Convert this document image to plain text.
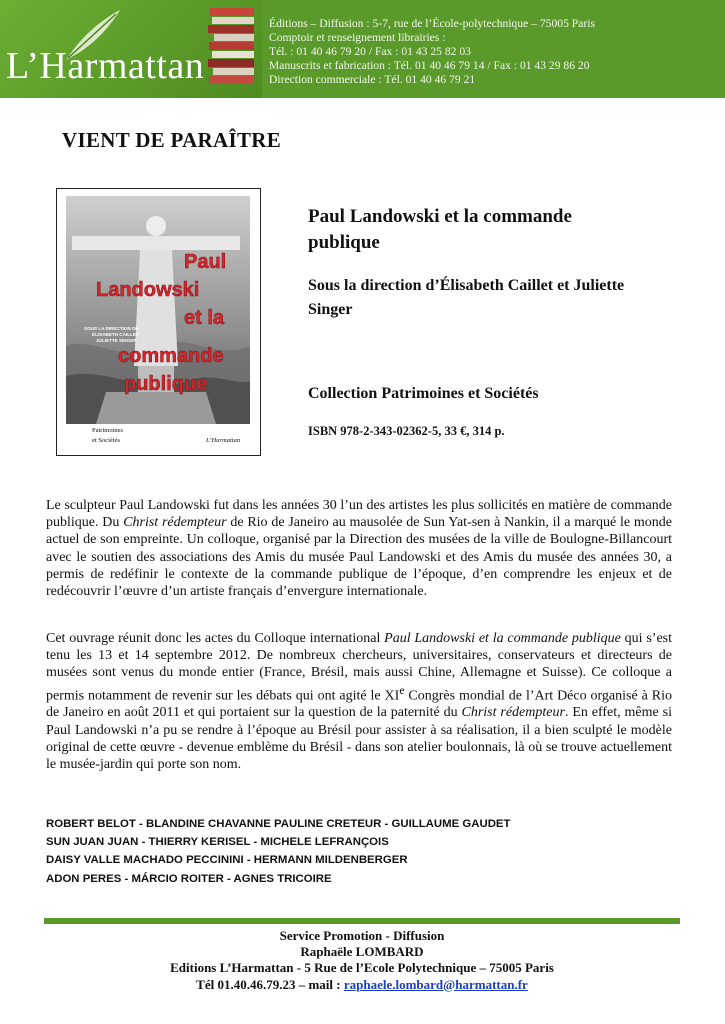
L’Harmattan
Éditions – Diffusion : 5-7, rue de l’École-polytechnique – 75005 Paris
Comptoir et renseignement librairies :
Tél. : 01 40 46 79 20 / Fax : 01 43 25 82 03
Manuscrits et fabrication : Tél. 01 40 46 79 14 / Fax : 01 43 29 86 20
Direction commerciale : Tél. 01 40 46 79 21
VIENT DE PARAÎTRE
Paul
Landowski
et la
commande
publique
SOUS LA DIRECTION DE
ÉLISABETH CAILLET
JULIETTE SINGER
Patrimoines
et Sociétés	L’Harmattan
Paul Landowski et la commande publique
Sous la direction d’Élisabeth Caillet et Juliette Singer
Collection Patrimoines et Sociétés
ISBN 978-2-343-02362-5, 33 €, 314 p.
Le sculpteur Paul Landowski fut dans les années 30 l’un des artistes les plus sollicités en matière de commande publique. Du Christ rédempteur de Rio de Janeiro au mausolée de Sun Yat-sen à Nankin, il a marqué le monde actuel de son empreinte. Un colloque, organisé par la Direction des musées de la ville de Boulogne-Billancourt avec le soutien des associations des Amis du musée Paul Landowski et des Amis du musée des années 30, a permis de redéfinir le contexte de la commande publique de l’époque, d’en comprendre les enjeux et de redécouvrir l’œuvre d’un artiste français d’envergure internationale.
Cet ouvrage réunit donc les actes du Colloque international Paul Landowski et la commande publique qui s’est tenu les 13 et 14 septembre 2012. De nombreux chercheurs, universitaires, conservateurs et directeurs de musées sont venus du monde entier (France, Brésil, mais aussi Chine, Allemagne et Suisse). Ce colloque a permis notamment de revenir sur les débats qui ont agité le XIe Congrès mondial de l’Art Déco organisé à Rio de Janeiro en août 2011 et qui portaient sur la question de la paternité du Christ rédempteur. En effet, même si Paul Landowski n’a pu se rendre à l’époque au Brésil pour assister à sa réalisation, il a bien sculpté le modèle original de cette œuvre - devenue emblème du Brésil - dans son atelier boulonnais, là où se trouve actuellement le musée-jardin qui porte son nom.
ROBERT BELOT - BLANDINE CHAVANNE PAULINE CRETEUR - GUILLAUME GAUDET
SUN JUAN JUAN - THIERRY KERISEL - MICHELE LEFRANÇOIS
DAISY VALLE MACHADO PECCININI - HERMANN MILDENBERGER
ADON PERES - MÁRCIO ROITER - AGNES TRICOIRE
Service Promotion - Diffusion
Raphaële LOMBARD
Editions L’Harmattan - 5 Rue de l’Ecole Polytechnique – 75005 Paris
Tél 01.40.46.79.23 – mail : raphaele.lombard@harmattan.fr
